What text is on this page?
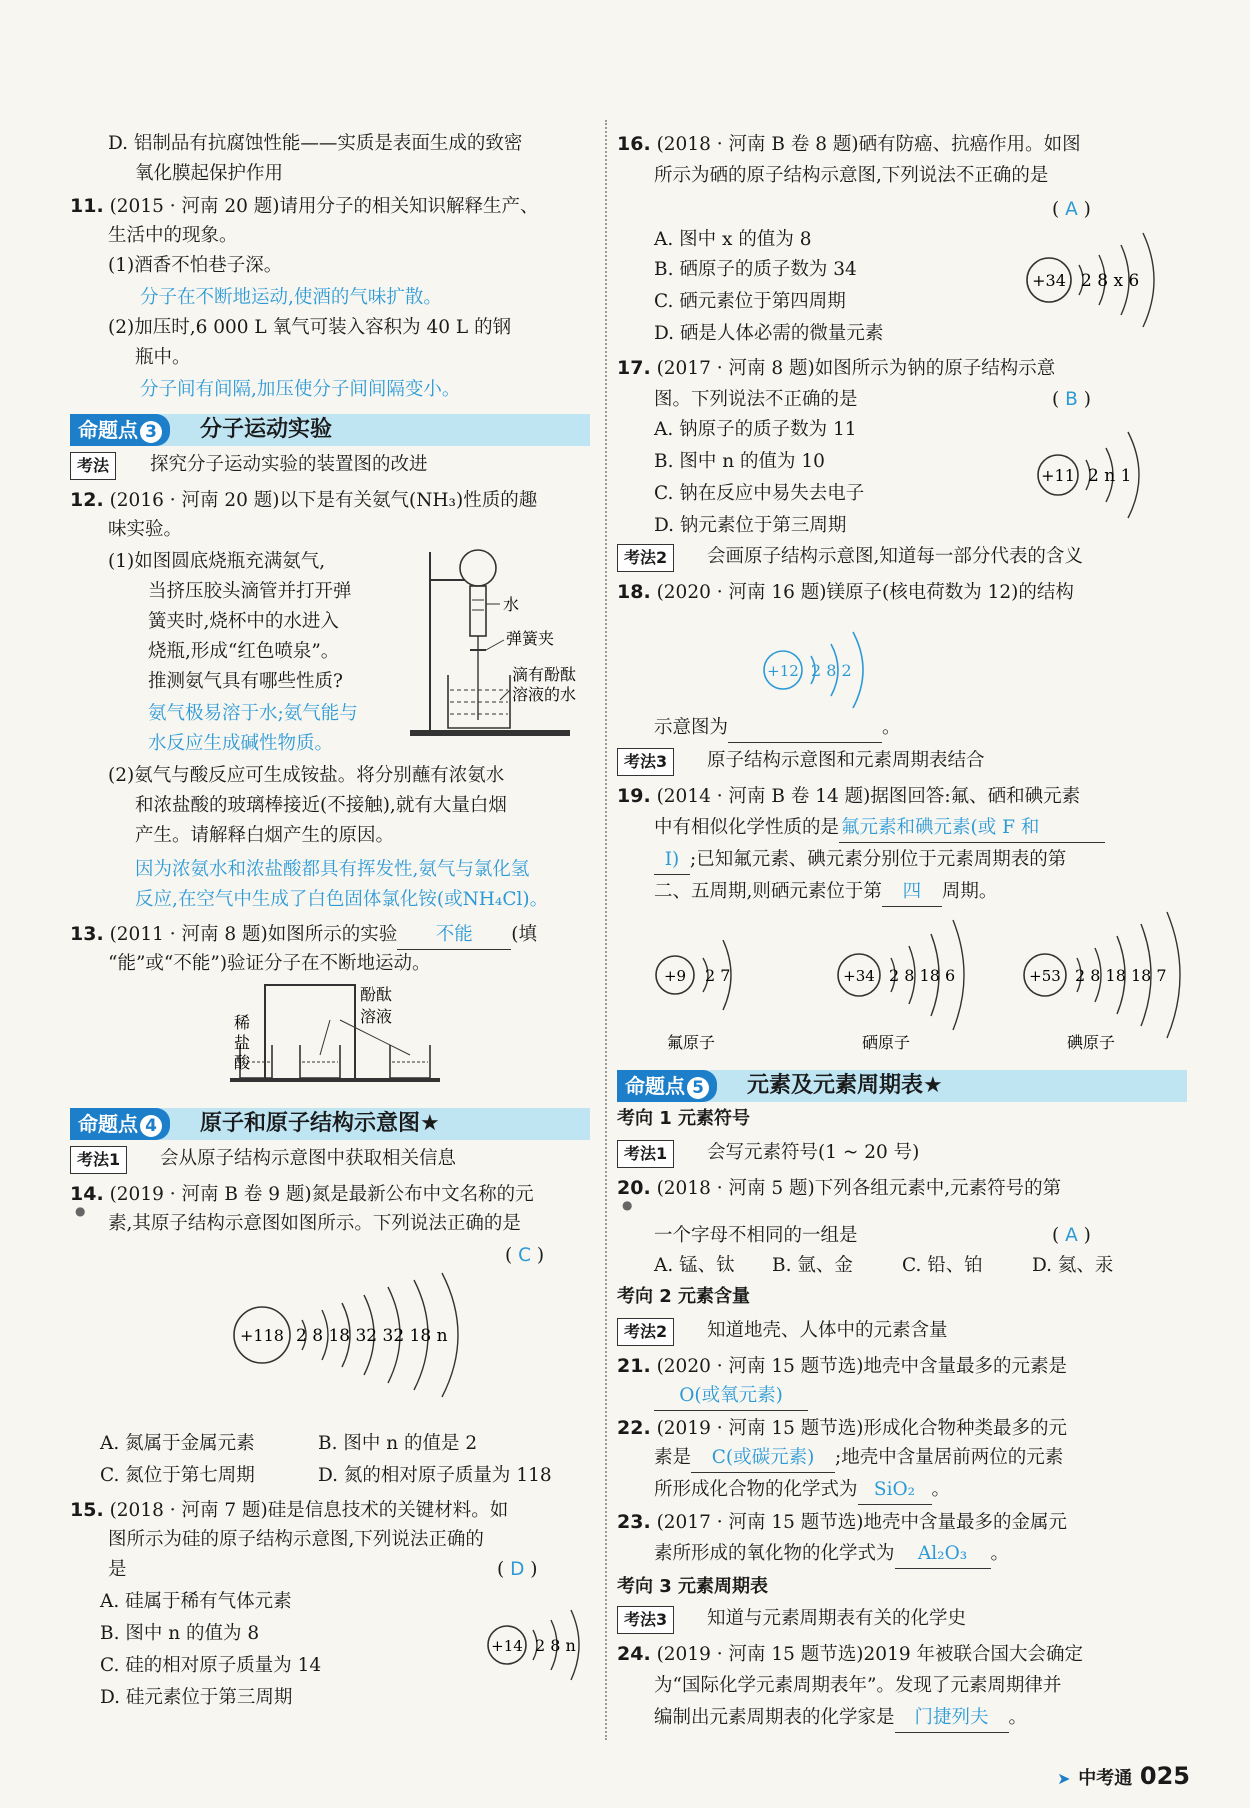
D. 铝制品有抗腐蚀性能——实质是表面生成的致密
氧化膜起保护作用
11. (2015 · 河南 20 题)请用分子的相关知识解释生产、
生活中的现象。
(1)酒香不怕巷子深。
分子在不断地运动,使酒的气味扩散。
(2)加压时,6 000 L 氧气可装入容积为 40 L 的钢
瓶中。
分子间有间隔,加压使分子间间隔变小。
命题点 3	分子运动实验
考法	探究分子运动实验的装置图的改进
12. (2016 · 河南 20 题)以下是有关氨气(NH₃)性质的趣
味实验。
(1)如图圆底烧瓶充满氨气,
当挤压胶头滴管并打开弹
簧夹时,烧杯中的水进入
烧瓶,形成“红色喷泉”。
推测氨气具有哪些性质?
氨气极易溶于水;氨气能与
水反应生成碱性物质。
水
弹簧夹
滴有酚酞
溶液的水
(2)氨气与酸反应可生成铵盐。将分别蘸有浓氨水
和浓盐酸的玻璃棒接近(不接触),就有大量白烟
产生。请解释白烟产生的原因。
因为浓氨水和浓盐酸都具有挥发性,氨气与氯化氢
反应,在空气中生成了白色固体氯化铵(或NH₄Cl)。
13. (2011 · 河南 8 题)如图所示的实验 不能 (填
“能”或“不能”)验证分子在不断地运动。
酚酞
溶液
稀
盐
酸
命题点 4	原子和原子结构示意图★
考法1	会从原子结构示意图中获取相关信息
14. (2019 · 河南 B 卷 9 题)氮是最新公布中文名称的元
●
素,其原子结构示意图如图所示。下列说法正确的是
( C )
+118 2 8 18 32 32 18 n
A. 氮属于金属元素	B. 图中 n 的值是 2
C. 氮位于第七周期	D. 氮的相对原子质量为 118
15. (2018 · 河南 7 题)硅是信息技术的关键材料。如
图所示为硅的原子结构示意图,下列说法正确的
是	( D )
A. 硅属于稀有气体元素
B. 图中 n 的值为 8
C. 硅的相对原子质量为 14
D. 硅元素位于第三周期
+14 2 8 n
16. (2018 · 河南 B 卷 8 题)硒有防癌、抗癌作用。如图
所示为硒的原子结构示意图,下列说法不正确的是
( A )
A. 图中 x 的值为 8
B. 硒原子的质子数为 34
C. 硒元素位于第四周期
D. 硒是人体必需的微量元素
+34 2 8 x 6
17. (2017 · 河南 8 题)如图所示为钠的原子结构示意
图。下列说法不正确的是	( B )
A. 钠原子的质子数为 11
B. 图中 n 的值为 10
C. 钠在反应中易失去电子
D. 钠元素位于第三周期
+11 2 n 1
考法2	会画原子结构示意图,知道每一部分代表的含义
18. (2020 · 河南 16 题)镁原子(核电荷数为 12)的结构
+12 2 8 2
示意图为	。
考法3	原子结构示意图和元素周期表结合
19. (2014 · 河南 B 卷 14 题)据图回答:氟、硒和碘元素
中有相似化学性质的是 氟元素和碘元素(或 F 和
I) ;已知氟元素、碘元素分别位于元素周期表的第
二、五周期,则硒元素位于第 四 周期。
+9 2 7
氟原子
+34 2 8 18 6
硒原子
+53 2 8 18 18 7
碘原子
命题点 5	元素及元素周期表★
考向 1 元素符号
考法1	会写元素符号(1 ~ 20 号)
20. (2018 · 河南 5 题)下列各组元素中,元素符号的第
●
一个字母不相同的一组是	( A )
A. 锰、钛 B. 氩、金	C. 铅、铂	D. 氦、汞
考向 2 元素含量
考法2	知道地壳、人体中的元素含量
21. (2020 · 河南 15 题节选)地壳中含量最多的元素是
O(或氧元素)
22. (2019 · 河南 15 题节选)形成化合物种类最多的元
素是 C(或碳元素) ;地壳中含量居前两位的元素
所形成化合物的化学式为 SiO₂ 。
23. (2017 · 河南 15 题节选)地壳中含量最多的金属元
素所形成的氧化物的化学式为 Al₂O₃ 。
考向 3 元素周期表
考法3	知道与元素周期表有关的化学史
24. (2019 · 河南 15 题节选)2019 年被联合国大会确定
为“国际化学元素周期表年”。发现了元素周期律并
编制出元素周期表的化学家是 门捷列夫 。
➤ 中考通 025
